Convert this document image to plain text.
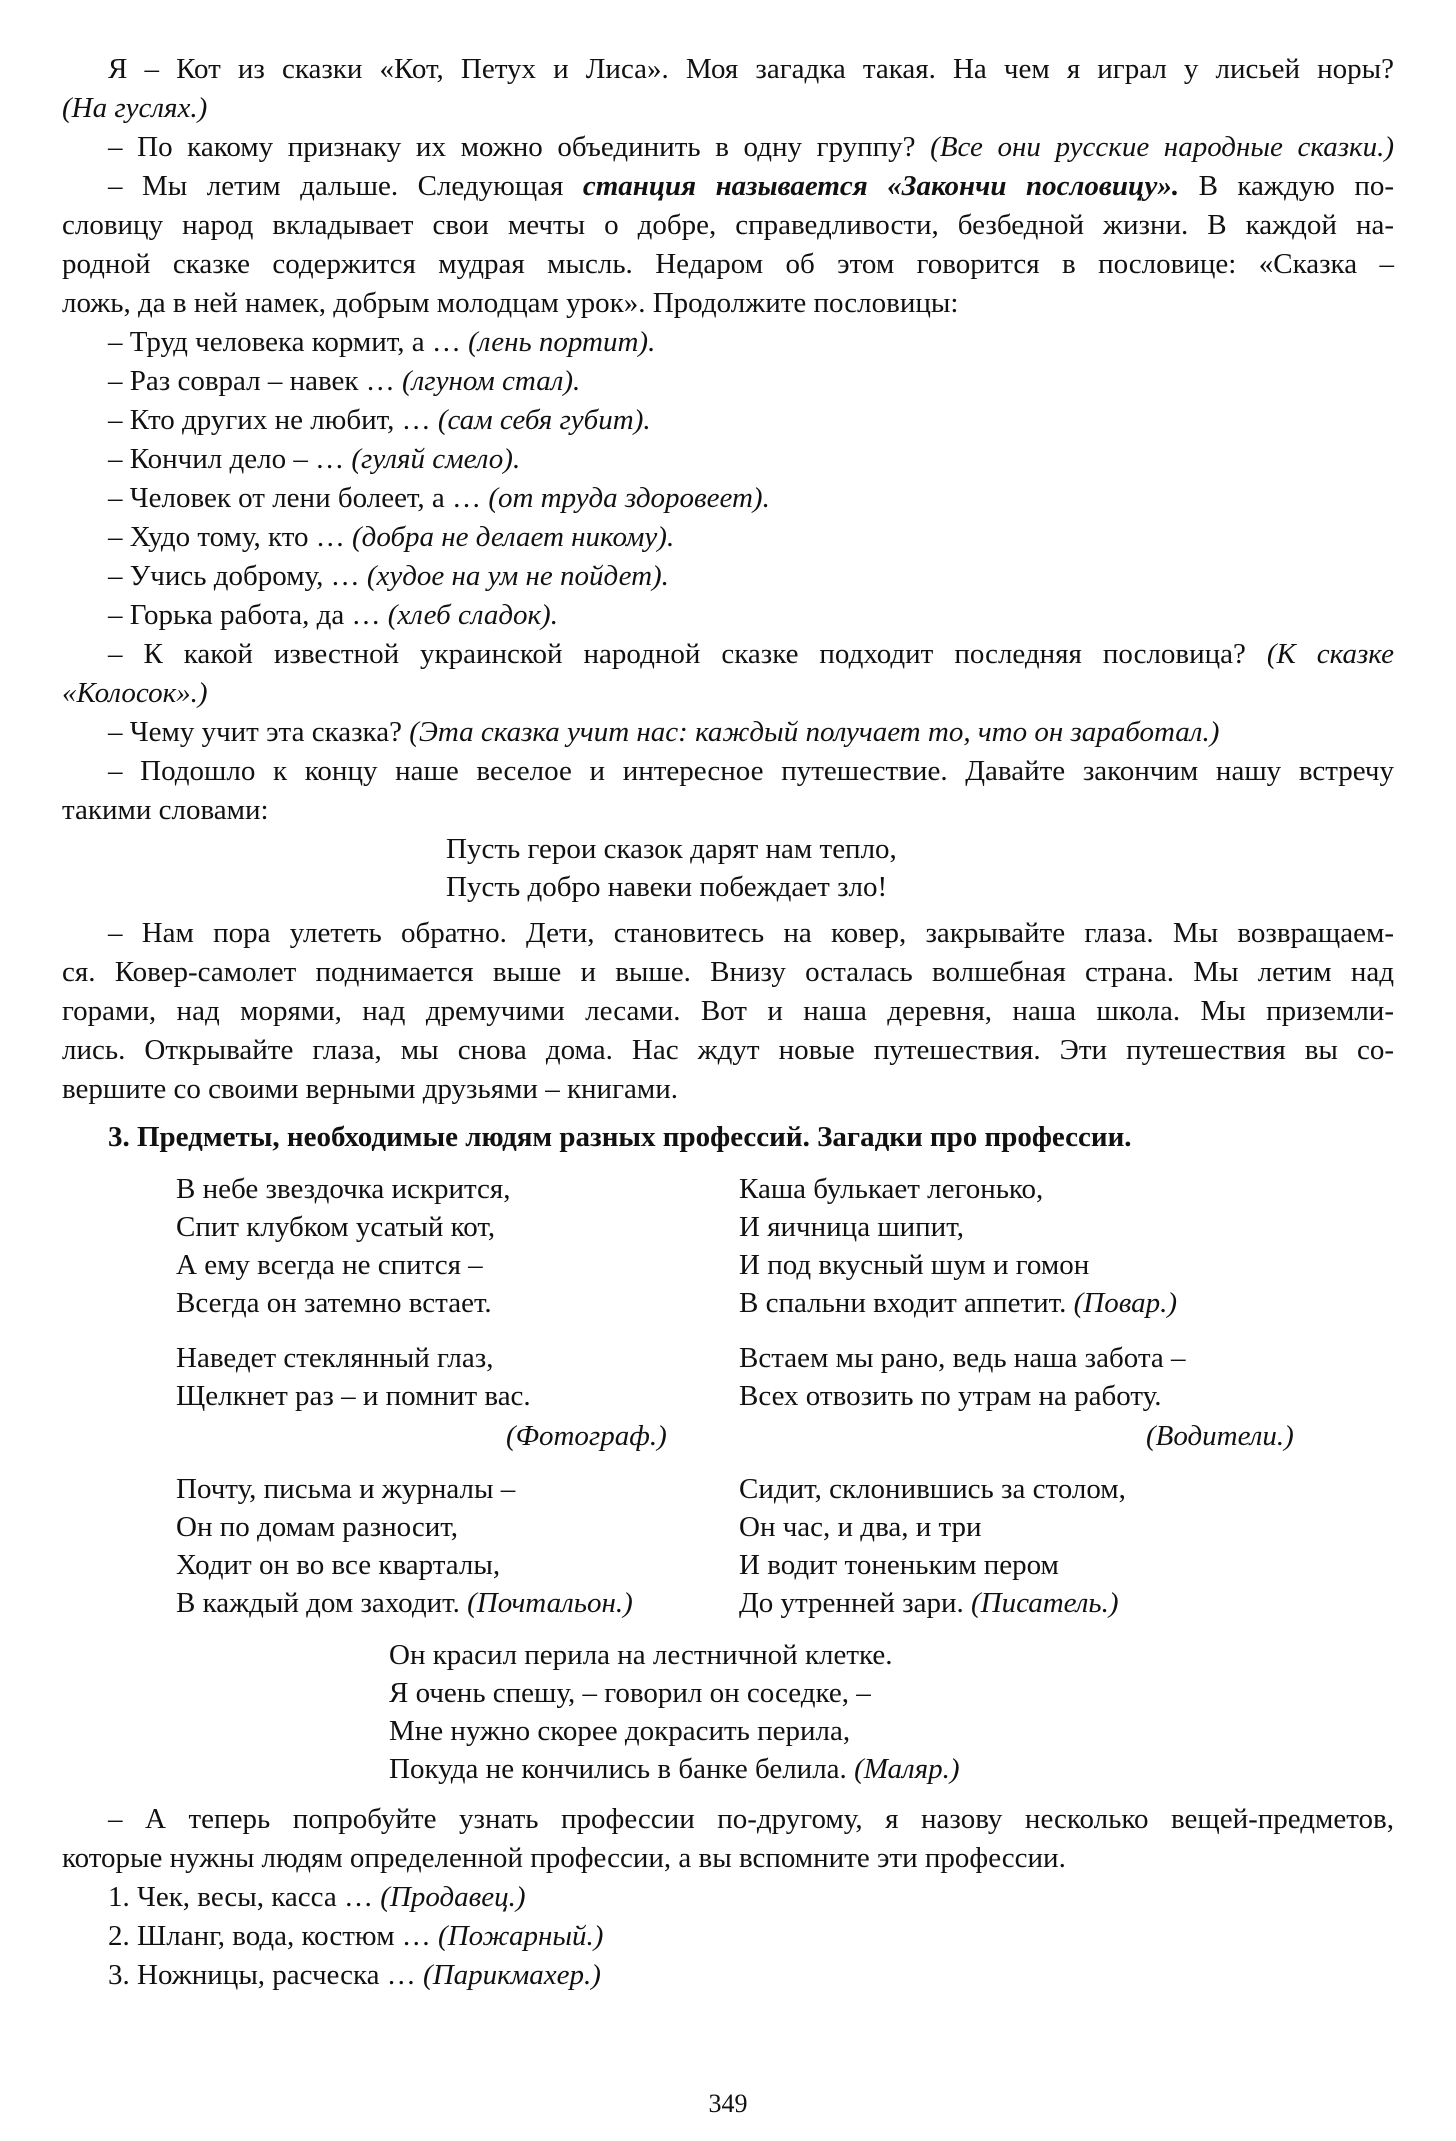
Я – Кот из сказки «Кот, Петух и Лиса». Моя загадка такая. На чем я играл у лисьей норы?
(На гуслях.)
– По какому признаку их можно объединить в одну группу? (Все они русские народные сказки.)
– Мы летим дальше. Следующая станция называется «Закончи пословицу». В каждую по-
словицу народ вкладывает свои мечты о добре, справедливости, безбедной жизни. В каждой на-
родной сказке содержится мудрая мысль. Недаром об этом говорится в пословице: «Сказка –
ложь, да в ней намек, добрым молодцам урок». Продолжите пословицы:
– Труд человека кормит, а … (лень портит).
– Раз соврал – навек … (лгуном стал).
– Кто других не любит, … (сам себя губит).
– Кончил дело – … (гуляй смело).
– Человек от лени болеет, а … (от труда здоровеет).
– Худо тому, кто … (добра не делает никому).
– Учись доброму, … (худое на ум не пойдет).
– Горька работа, да … (хлеб сладок).
– К какой известной украинской народной сказке подходит последняя пословица? (К сказке
«Колосок».)
– Чему учит эта сказка? (Эта сказка учит нас: каждый получает то, что он заработал.)
– Подошло к концу наше веселое и интересное путешествие. Давайте закончим нашу встречу
такими словами:
Пусть герои сказок дарят нам тепло,
Пусть добро навеки побеждает зло!
– Нам пора улететь обратно. Дети, становитесь на ковер, закрывайте глаза. Мы возвращаем-
ся. Ковер-самолет поднимается выше и выше. Внизу осталась волшебная страна. Мы летим над
горами, над морями, над дремучими лесами. Вот и наша деревня, наша школа. Мы приземли-
лись. Открывайте глаза, мы снова дома. Нас ждут новые путешествия. Эти путешествия вы со-
вершите со своими верными друзьями – книгами.
3. Предметы, необходимые людям разных профессий. Загадки про профессии.
В небе звездочка искрится,
Спит клубком усатый кот,
А ему всегда не спится –
Всегда он затемно встает.
Каша булькает легонько,
И яичница шипит,
И под вкусный шум и гомон
В спальни входит аппетит. (Повар.)
Наведет стеклянный глаз,
Щелкнет раз – и помнит вас.
(Фотограф.)
Встаем мы рано, ведь наша забота –
Всех отвозить по утрам на работу.
(Водители.)
Почту, письма и журналы –
Он по домам разносит,
Ходит он во все кварталы,
В каждый дом заходит. (Почтальон.)
Сидит, склонившись за столом,
Он час, и два, и три
И водит тоненьким пером
До утренней зари. (Писатель.)
Он красил перила на лестничной клетке.
Я очень спешу, – говорил он соседке, –
Мне нужно скорее докрасить перила,
Покуда не кончились в банке белила. (Маляр.)
– А теперь попробуйте узнать профессии по-другому, я назову несколько вещей-предметов,
которые нужны людям определенной профессии, а вы вспомните эти профессии.
1. Чек, весы, касса … (Продавец.)
2. Шланг, вода, костюм … (Пожарный.)
3. Ножницы, расческа … (Парикмахер.)
349
